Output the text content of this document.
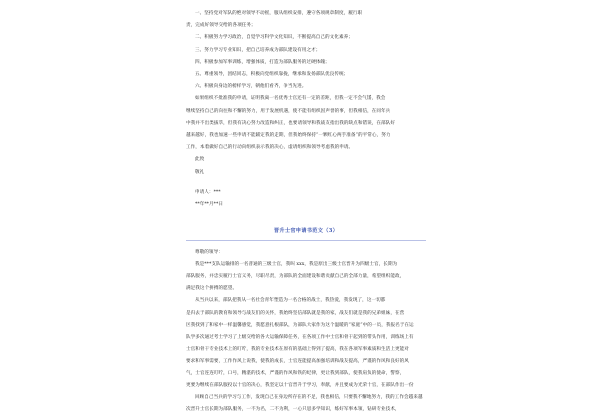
一、坚持党对军队的绝对领导不动摇，服从组织安排，遵守各项规章制度，履行职
责，完成好领导交给的各项任务；
二、积极努力学习政治，自觉学习科学文化知识，不断提高自己的文化素养；
三、努力学习专业知识，把自己培养成为部队建设有用之才；
四、积极参加军事训练，增强体质，打造为部队服务的过硬体魄；
五、尊重领导，团结同志，积极向党组织靠拢，继承和发扬部队优良传统；
六、积极向身边的榜样学习，朝他们看齐，争当先进。
如果组织不批准我的申请，证明我离一名优秀士官还有一定的差距，但我一定不会气馁，我会
继续坚持自己的向往和不懈的努力，用于发展机遇，使不能有组织因声誉的事，但我相信，在同年兵
中我并不出类拔萃，但我有决心努力改造和纠正，也要请领导和我战友指出我的缺点和错误，在部队好
越来越好，我也加速一些申请不能辅定我的走期，但我始终保持“一颗红心两手准备”的平常心，努力
工作，本着做好自己的行动向组织表示我的决心，虚请组织和领导考虑我的申请。
此致
敬礼
申请人：***
**年**月**日
晋升士官申请书范文（3）
尊敬的领导：
我是***支队运输排的一名普通的三级士官，我叫 xxx，我是原出三级士官晋升为四级士官，长期为
部队服务，并忠实履行士官义务，尽职尽责，为部队的全面建设和谐贡献自己的全部力量，希望组织能政，
满足我这个拼搏的愿望。
从当兵以来，部队把我从一名社会青年塑造为一名合格的战士，我热爱，我发现了，这一切都
是归去于部队的教育和领导与战友们的关怀，我始终坚信部队就是我的家，战友们就是我的兄弟姐妹，在营
区我找到了和家中一样温馨感觉，我愿意扎根部队，为部队大家作为这个温暖的“家庭”中的一员，我报名于在运
队学多次通过考士学习了上级交给的各大运输保障任务，在各项工作中士官和骨干起到的带头作用，训练场上有
士官和骨干专业技术上的叮咛，我的专业技术在原有的基础上得到了提高，我在各项军事素质和生活上更能对
要求和军事需要，工作作风上说我，使我的成长，士官连能提高加强培训和战友提高，严谨的作风和良好的风
气，士官连连叮咛，口号，精湛的技术，严谨的作风和铁的纪律，更让我到部队，使我肩负的使命，警察，
更要为继续在部队服役以十官的决心，我坚定以十官晋升于学习，奉献，并且要成为光荣十官，在部队作出一份
回顾自己当兵的学习与工作，发现自己在身边所存在的不足，我也相信，只要我不懈地努力，我的工作会越来越
次晋升士官长期为部队服务，一不为名，二不为利，一心只思多学知识，练好军事本领，钻研专业技术，
